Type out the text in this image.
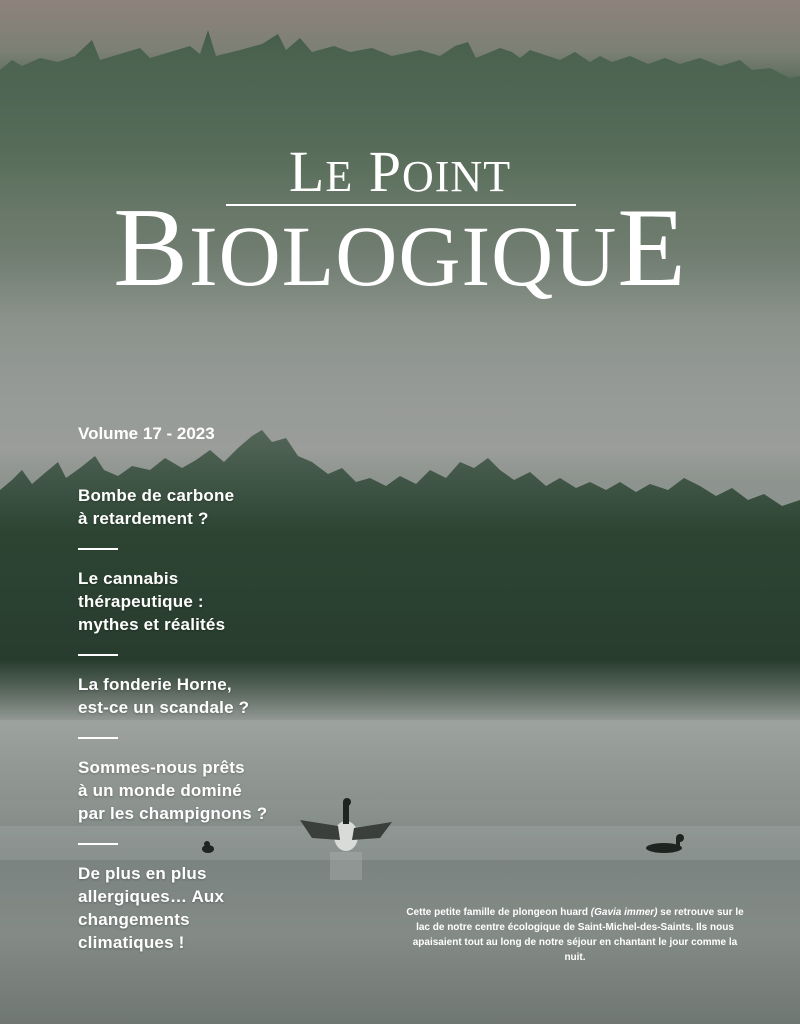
LE POINT
BIOLOGIQUE
Volume 17 - 2023
Bombe de carbone
à retardement ?
Le cannabis
thérapeutique :
mythes et réalités
La fonderie Horne,
est-ce un scandale ?
Sommes-nous prêts
à un monde dominé
par les champignons ?
De plus en plus
allergiques… Aux
changements
climatiques !
Cette petite famille de plongeon huard (Gavia immer) se retrouve sur le lac de notre centre écologique de Saint-Michel-des-Saints. Ils nous apaisaient tout au long de notre séjour en chantant le jour comme la nuit.
